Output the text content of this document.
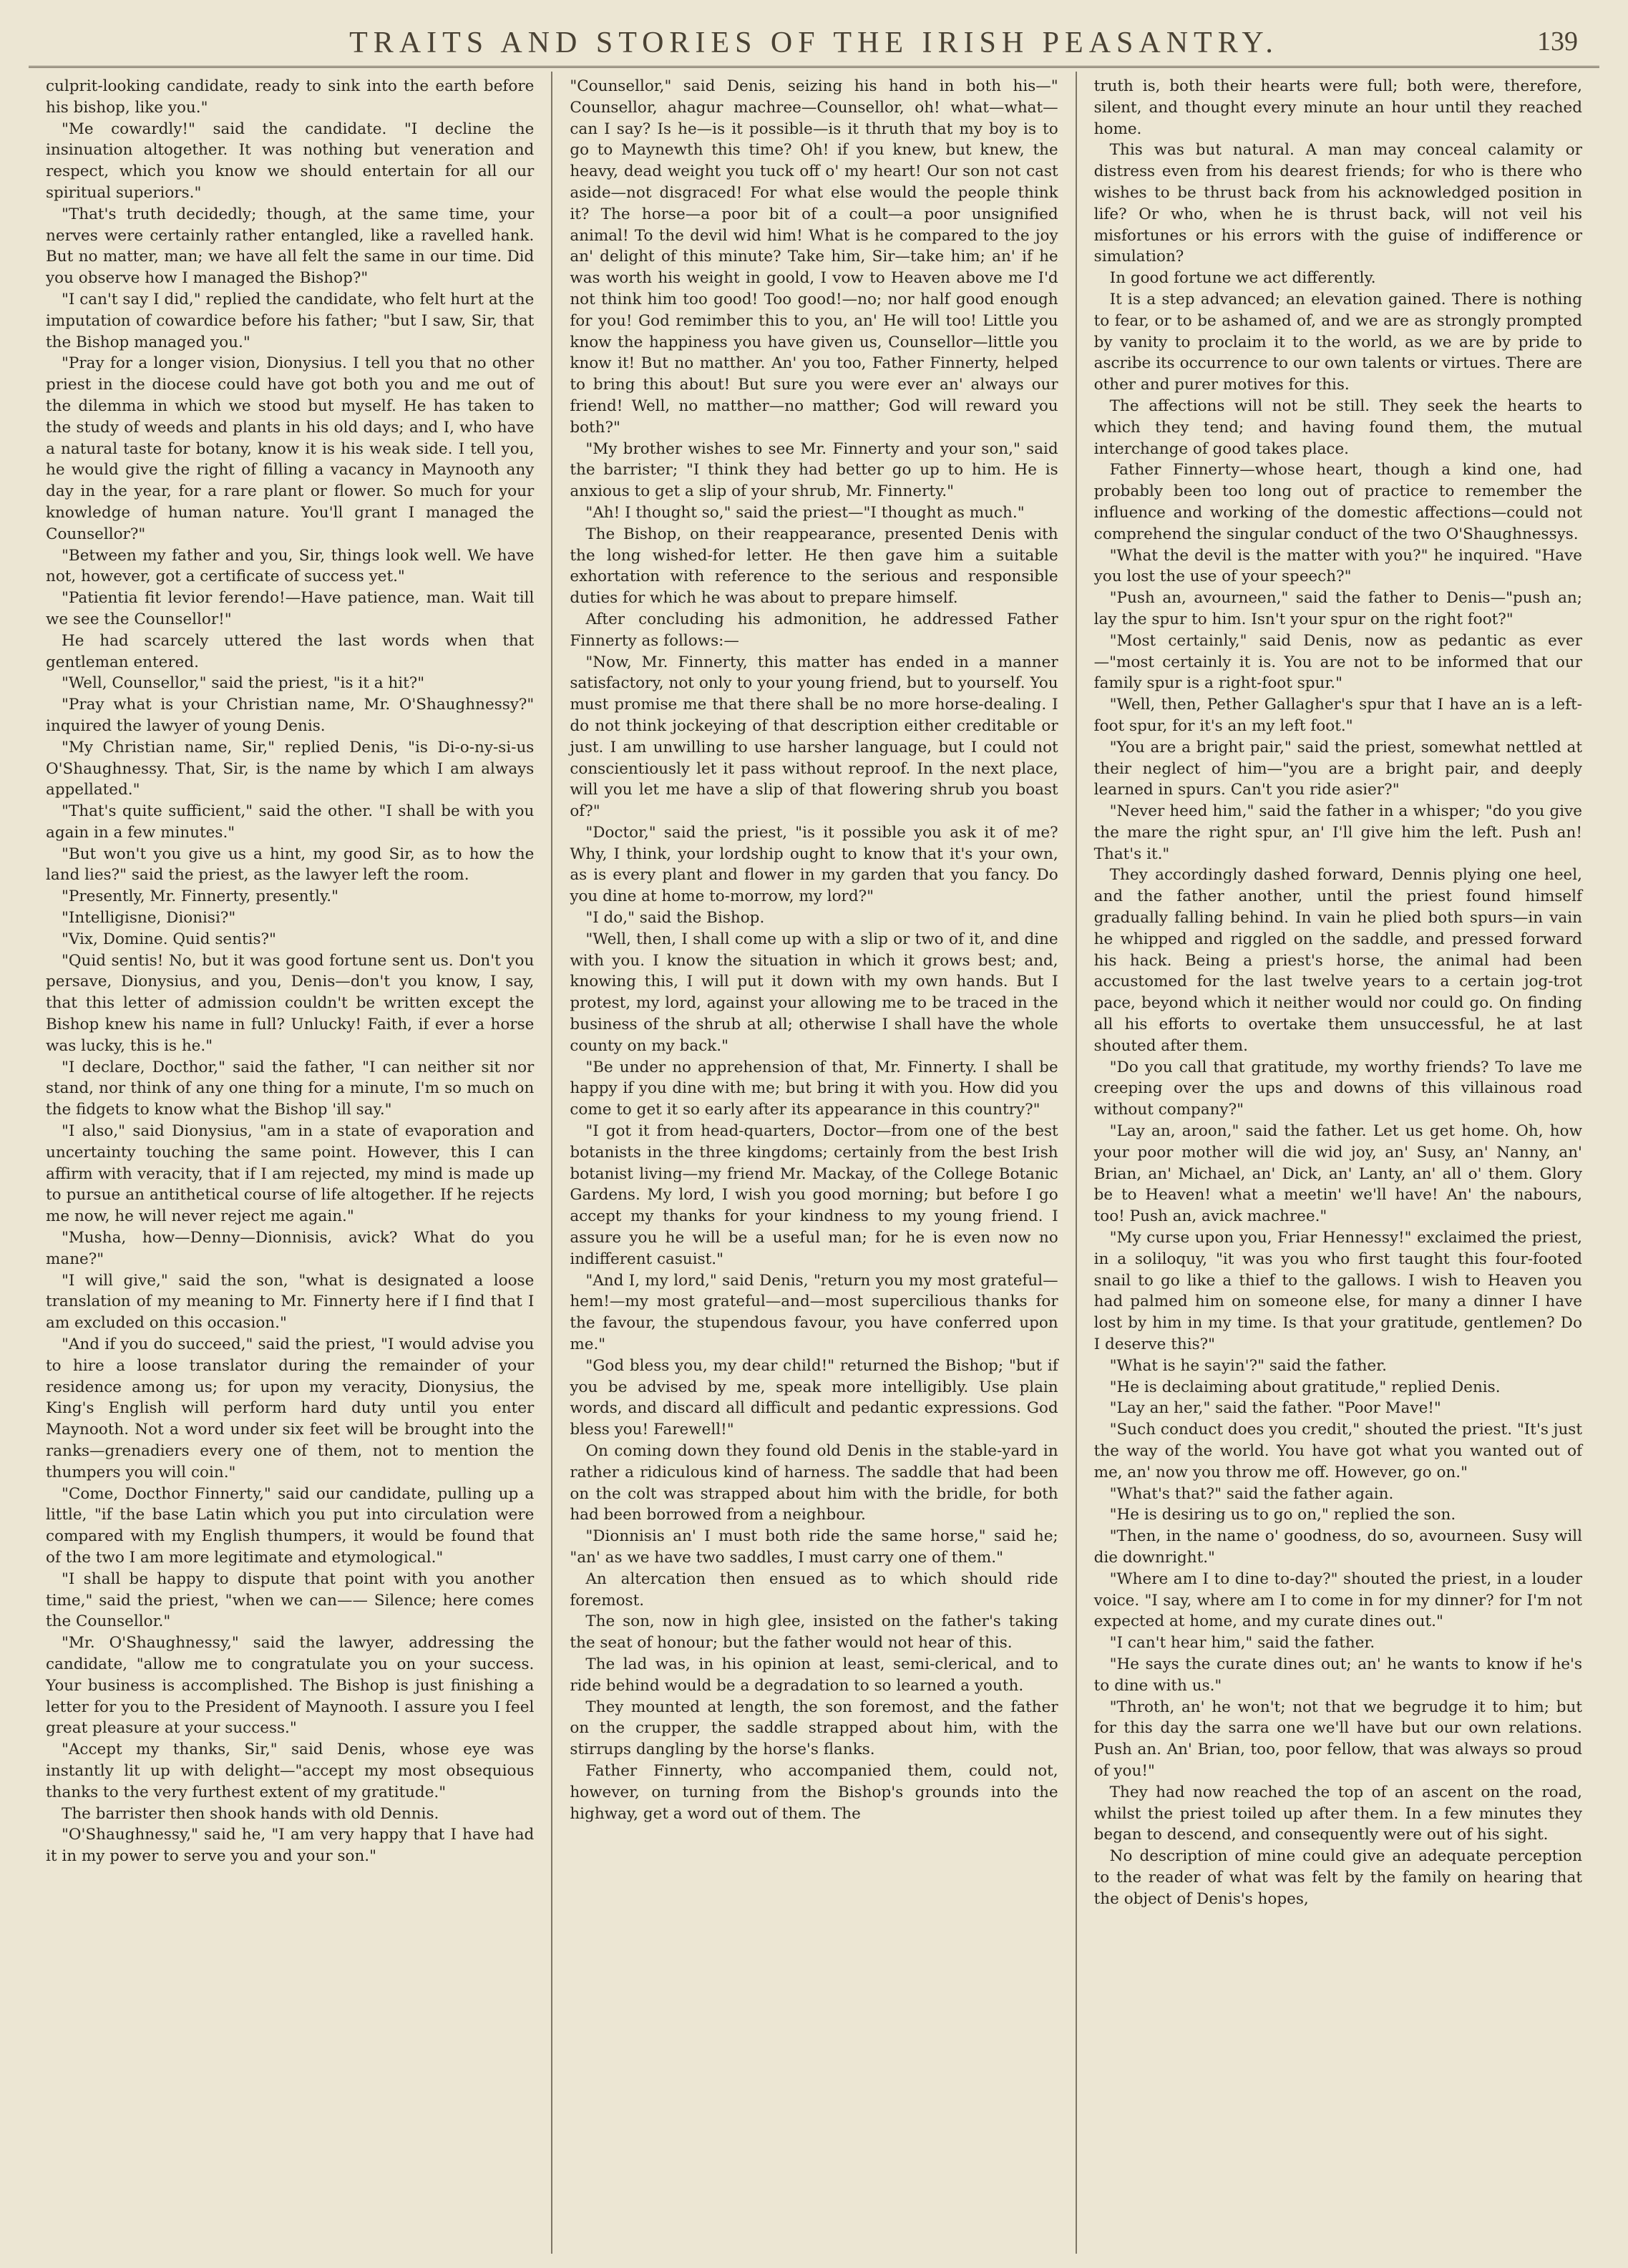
TRAITS AND STORIES OF THE IRISH PEASANTRY.	139

culprit-looking candidate, ready to sink into the earth before his bishop, like you."

"Me cowardly!" said the candidate. "I decline the insinuation altogether. It was nothing but veneration and respect, which you know we should entertain for all our spiritual superiors."

"That's truth decidedly; though, at the same time, your nerves were certainly rather entangled, like a ravelled hank. But no matter, man; we have all felt the same in our time. Did you observe how I managed the Bishop?"

"I can't say I did," replied the candidate, who felt hurt at the imputation of cowardice before his father; "but I saw, Sir, that the Bishop managed you."

"Pray for a longer vision, Dionysius. I tell you that no other priest in the diocese could have got both you and me out of the dilemma in which we stood but myself. He has taken to the study of weeds and plants in his old days; and I, who have a natural taste for botany, know it is his weak side. I tell you, he would give the right of filling a vacancy in Maynooth any day in the year, for a rare plant or flower. So much for your knowledge of human nature. You'll grant I managed the Counsellor?"

"Between my father and you, Sir, things look well. We have not, however, got a certificate of success yet."

"Patientia fit levior ferendo!—Have patience, man. Wait till we see the Counsellor!"

He had scarcely uttered the last words when that gentleman entered.

"Well, Counsellor," said the priest, "is it a hit?"

"Pray what is your Christian name, Mr. O'Shaughnessy?" inquired the lawyer of young Denis.

"My Christian name, Sir," replied Denis, "is Di-o-ny-si-us O'Shaughnessy. That, Sir, is the name by which I am always appellated."

"That's quite sufficient," said the other. "I shall be with you again in a few minutes."

"But won't you give us a hint, my good Sir, as to how the land lies?" said the priest, as the lawyer left the room.

"Presently, Mr. Finnerty, presently."

"Intelligisne, Dionisi?"

"Vix, Domine. Quid sentis?"

"Quid sentis! No, but it was good fortune sent us. Don't you persave, Dionysius, and you, Denis—don't you know, I say, that this letter of admission couldn't be written except the Bishop knew his name in full? Unlucky! Faith, if ever a horse was lucky, this is he."

"I declare, Docthor," said the father, "I can neither sit nor stand, nor think of any one thing for a minute, I'm so much on the fidgets to know what the Bishop 'ill say."

"I also," said Dionysius, "am in a state of evaporation and uncertainty touching the same point. However, this I can affirm with veracity, that if I am rejected, my mind is made up to pursue an antithetical course of life altogether. If he rejects me now, he will never reject me again."

"Musha, how—Denny—Dionnisis, avick? What do you mane?"

"I will give," said the son, "what is designated a loose translation of my meaning to Mr. Finnerty here if I find that I am excluded on this occasion."

"And if you do succeed," said the priest, "I would advise you to hire a loose translator during the remainder of your residence among us; for upon my veracity, Dionysius, the King's English will perform hard duty until you enter Maynooth. Not a word under six feet will be brought into the ranks—grenadiers every one of them, not to mention the thumpers you will coin."

"Come, Docthor Finnerty," said our candidate, pulling up a little, "if the base Latin which you put into circulation were compared with my English thumpers, it would be found that of the two I am more legitimate and etymological."

"I shall be happy to dispute that point with you another time," said the priest, "when we can—— Silence; here comes the Counsellor."

"Mr. O'Shaughnessy," said the lawyer, addressing the candidate, "allow me to congratulate you on your success. Your business is accomplished. The Bishop is just finishing a letter for you to the President of Maynooth. I assure you I feel great pleasure at your success."

"Accept my thanks, Sir," said Denis, whose eye was instantly lit up with delight—"accept my most obsequious thanks to the very furthest extent of my gratitude."

The barrister then shook hands with old Dennis.

"O'Shaughnessy," said he, "I am very happy that I have had it in my power to serve you and your son."

"Counsellor," said Denis, seizing his hand in both his—" Counsellor, ahagur machree—Counsellor, oh! what—what—can I say? Is he—is it possible—is it thruth that my boy is to go to Maynewth this time? Oh! if you knew, but knew, the heavy, dead weight you tuck off o' my heart! Our son not cast aside—not disgraced! For what else would the people think it? The horse—a poor bit of a coult—a poor unsignified animal! To the devil wid him! What is he compared to the joy an' delight of this minute? Take him, Sir—take him; an' if he was worth his weight in goold, I vow to Heaven above me I'd not think him too good! Too good!—no; nor half good enough for you! God remimber this to you, an' He will too! Little you know the happiness you have given us, Counsellor—little you know it! But no matther. An' you too, Father Finnerty, helped to bring this about! But sure you were ever an' always our friend! Well, no matther—no matther; God will reward you both?"

"My brother wishes to see Mr. Finnerty and your son," said the barrister; "I think they had better go up to him. He is anxious to get a slip of your shrub, Mr. Finnerty."

"Ah! I thought so," said the priest—"I thought as much."

The Bishop, on their reappearance, presented Denis with the long wished-for letter. He then gave him a suitable exhortation with reference to the serious and responsible duties for which he was about to prepare himself.

After concluding his admonition, he addressed Father Finnerty as follows:—

"Now, Mr. Finnerty, this matter has ended in a manner satisfactory, not only to your young friend, but to yourself. You must promise me that there shall be no more horse-dealing. I do not think jockeying of that description either creditable or just. I am unwilling to use harsher language, but I could not conscientiously let it pass without reproof. In the next place, will you let me have a slip of that flowering shrub you boast of?"

"Doctor," said the priest, "is it possible you ask it of me? Why, I think, your lordship ought to know that it's your own, as is every plant and flower in my garden that you fancy. Do you dine at home to-morrow, my lord?"

"I do," said the Bishop.

"Well, then, I shall come up with a slip or two of it, and dine with you. I know the situation in which it grows best; and, knowing this, I will put it down with my own hands. But I protest, my lord, against your allowing me to be traced in the business of the shrub at all; otherwise I shall have the whole county on my back."

"Be under no apprehension of that, Mr. Finnerty. I shall be happy if you dine with me; but bring it with you. How did you come to get it so early after its appearance in this country?"

"I got it from head-quarters, Doctor—from one of the best botanists in the three kingdoms; certainly from the best Irish botanist living—my friend Mr. Mackay, of the College Botanic Gardens. My lord, I wish you good morning; but before I go accept my thanks for your kindness to my young friend. I assure you he will be a useful man; for he is even now no indifferent casuist."

"And I, my lord," said Denis, "return you my most grateful—hem!—my most grateful—and—most supercilious thanks for the favour, the stupendous favour, you have conferred upon me."

"God bless you, my dear child!" returned the Bishop; "but if you be advised by me, speak more intelligibly. Use plain words, and discard all difficult and pedantic expressions. God bless you! Farewell!"

On coming down they found old Denis in the stable-yard in rather a ridiculous kind of harness. The saddle that had been on the colt was strapped about him with the bridle, for both had been borrowed from a neighbour.

"Dionnisis an' I must both ride the same horse," said he; "an' as we have two saddles, I must carry one of them."

An altercation then ensued as to which should ride foremost.

The son, now in high glee, insisted on the father's taking the seat of honour; but the father would not hear of this.

The lad was, in his opinion at least, semi-clerical, and to ride behind would be a degradation to so learned a youth.

They mounted at length, the son foremost, and the father on the crupper, the saddle strapped about him, with the stirrups dangling by the horse's flanks.

Father Finnerty, who accompanied them, could not, however, on turning from the Bishop's grounds into the highway, get a word out of them. The

truth is, both their hearts were full; both were, therefore, silent, and thought every minute an hour until they reached home.

This was but natural. A man may conceal calamity or distress even from his dearest friends; for who is there who wishes to be thrust back from his acknowledged position in life? Or who, when he is thrust back, will not veil his misfortunes or his errors with the guise of indifference or simulation?

In good fortune we act differently.

It is a step advanced; an elevation gained. There is nothing to fear, or to be ashamed of, and we are as strongly prompted by vanity to proclaim it to the world, as we are by pride to ascribe its occurrence to our own talents or virtues. There are other and purer motives for this.

The affections will not be still. They seek the hearts to which they tend; and having found them, the mutual interchange of good takes place.

Father Finnerty—whose heart, though a kind one, had probably been too long out of practice to remember the influence and working of the domestic affections—could not comprehend the singular conduct of the two O'Shaughnessys.

"What the devil is the matter with you?" he inquired. "Have you lost the use of your speech?"

"Push an, avourneen," said the father to Denis—"push an; lay the spur to him. Isn't your spur on the right foot?"

"Most certainly," said Denis, now as pedantic as ever—"most certainly it is. You are not to be informed that our family spur is a right-foot spur."

"Well, then, Pether Gallagher's spur that I have an is a left-foot spur, for it's an my left foot."

"You are a bright pair," said the priest, somewhat nettled at their neglect of him—"you are a bright pair, and deeply learned in spurs. Can't you ride asier?"

"Never heed him," said the father in a whisper; "do you give the mare the right spur, an' I'll give him the left. Push an! That's it."

They accordingly dashed forward, Dennis plying one heel, and the father another, until the priest found himself gradually falling behind. In vain he plied both spurs—in vain he whipped and riggled on the saddle, and pressed forward his hack. Being a priest's horse, the animal had been accustomed for the last twelve years to a certain jog-trot pace, beyond which it neither would nor could go. On finding all his efforts to overtake them unsuccessful, he at last shouted after them.

"Do you call that gratitude, my worthy friends? To lave me creeping over the ups and downs of this villainous road without company?"

"Lay an, aroon," said the father. Let us get home. Oh, how your poor mother will die wid joy, an' Susy, an' Nanny, an' Brian, an' Michael, an' Dick, an' Lanty, an' all o' them. Glory be to Heaven! what a meetin' we'll have! An' the nabours, too! Push an, avick machree."

"My curse upon you, Friar Hennessy!" exclaimed the priest, in a soliloquy, "it was you who first taught this four-footed snail to go like a thief to the gallows. I wish to Heaven you had palmed him on someone else, for many a dinner I have lost by him in my time. Is that your gratitude, gentlemen? Do I deserve this?"

"What is he sayin'?" said the father.

"He is declaiming about gratitude," replied Denis.

"Lay an her," said the father. "Poor Mave!"

"Such conduct does you credit," shouted the priest. "It's just the way of the world. You have got what you wanted out of me, an' now you throw me off. However, go on."

"What's that?" said the father again.

"He is desiring us to go on," replied the son.

"Then, in the name o' goodness, do so, avourneen. Susy will die downright."

"Where am I to dine to-day?" shouted the priest, in a louder voice. "I say, where am I to come in for my dinner? for I'm not expected at home, and my curate dines out."

"I can't hear him," said the father.

"He says the curate dines out; an' he wants to know if he's to dine with us."

"Throth, an' he won't; not that we begrudge it to him; but for this day the sarra one we'll have but our own relations. Push an. An' Brian, too, poor fellow, that was always so proud of you!"

They had now reached the top of an ascent on the road, whilst the priest toiled up after them. In a few minutes they began to descend, and consequently were out of his sight.

No description of mine could give an adequate perception to the reader of what was felt by the family on hearing that the object of Denis's hopes,
